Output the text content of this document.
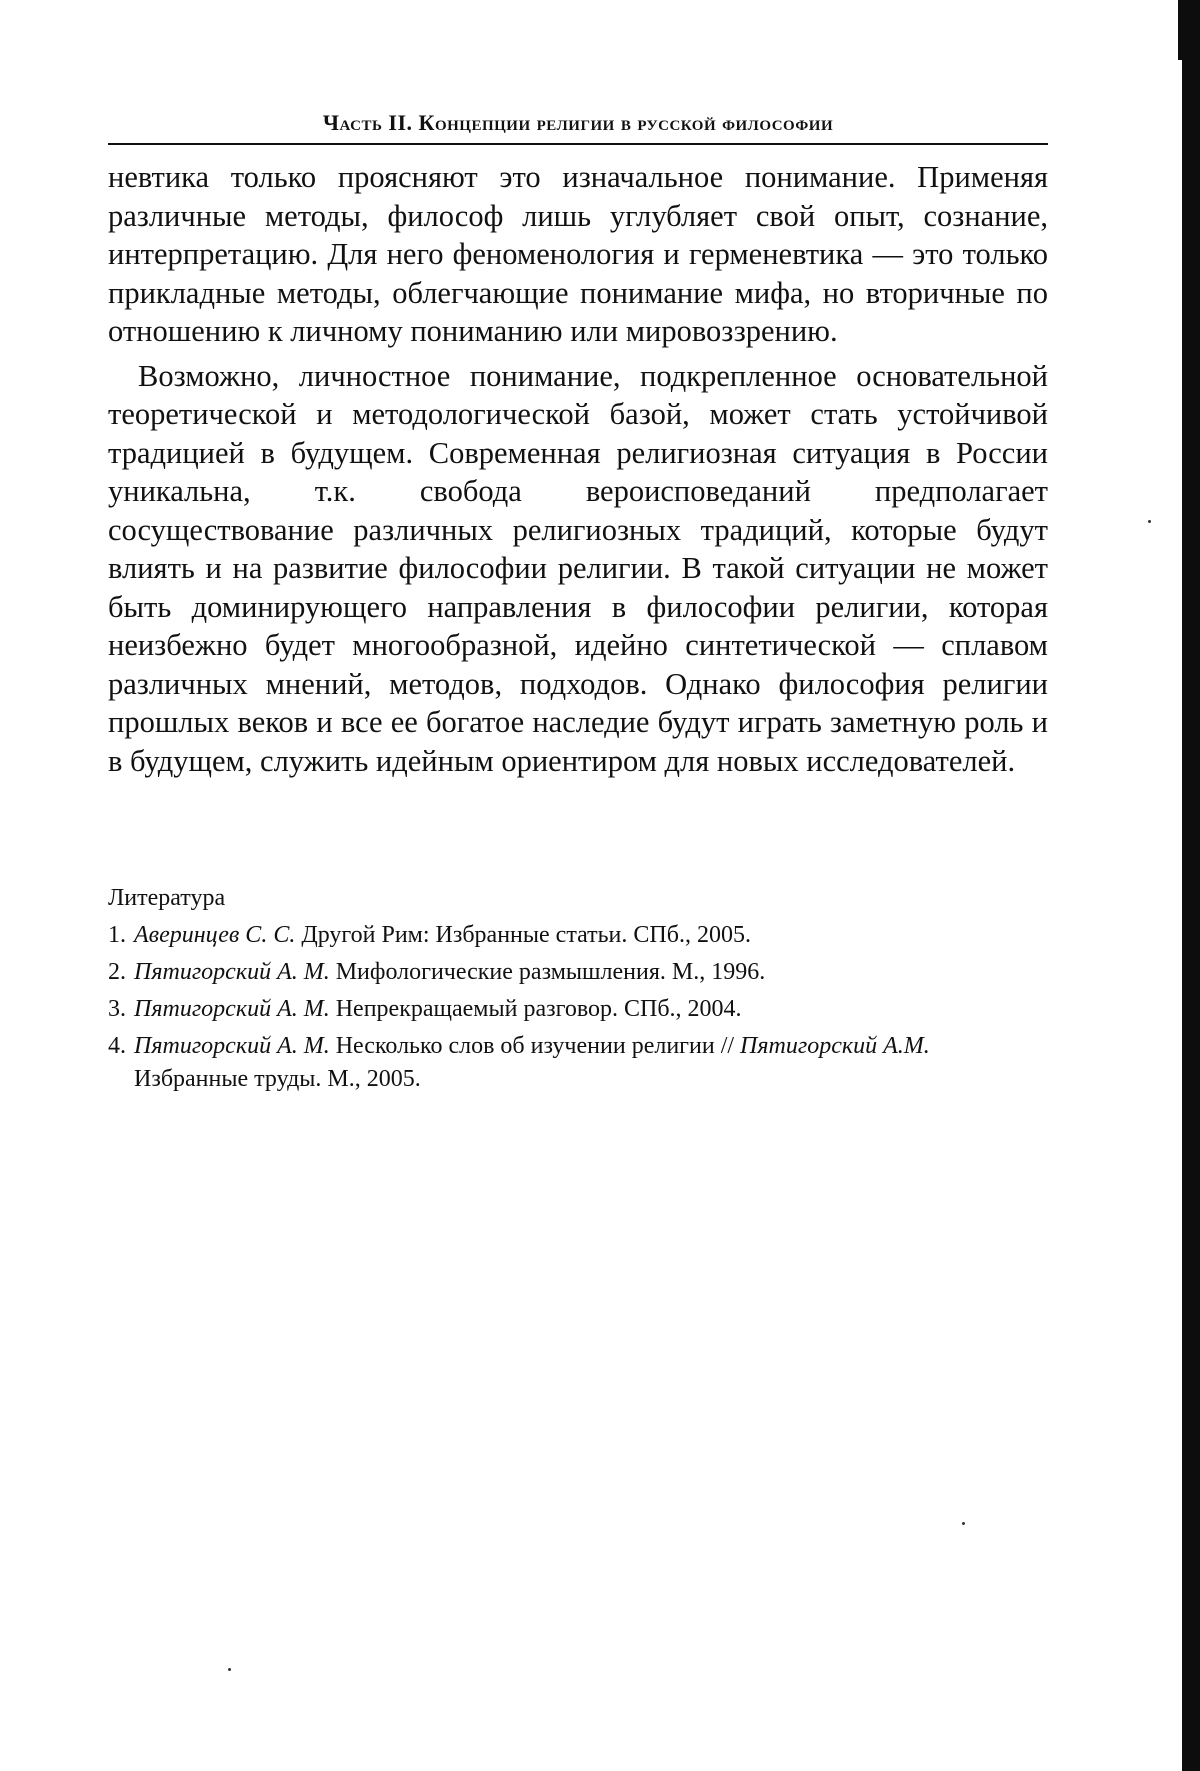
Часть II. Концепции религии в русской философии

невтика только проясняют это изначальное понимание. Применяя различные методы, философ лишь углубляет свой опыт, сознание, интерпретацию. Для него феноменология и герменевтика — это только прикладные методы, облегчающие понимание мифа, но вторичные по отношению к личному пониманию или мировоззрению.

Возможно, личностное понимание, подкрепленное основательной теоретической и методологической базой, может стать устойчивой традицией в будущем. Современная религиозная ситуация в России уникальна, т.к. свобода вероисповеданий предполагает сосуществование различных религиозных традиций, которые будут влиять и на развитие философии религии. В такой ситуации не может быть доминирующего направления в философии религии, которая неизбежно будет многообразной, идейно синтетической — сплавом различных мнений, методов, подходов. Однако философия религии прошлых веков и все ее богатое наследие будут играть заметную роль и в будущем, служить идейным ориентиром для новых исследователей.

Литература
1. Аверинцев С. С. Другой Рим: Избранные статьи. СПб., 2005.
2. Пятигорский А. М. Мифологические размышления. М., 1996.
3. Пятигорский А. М. Непрекращаемый разговор. СПб., 2004.
4. Пятигорский А. М. Несколько слов об изучении религии // Пятигорский А.М. Избранные труды. М., 2005.
